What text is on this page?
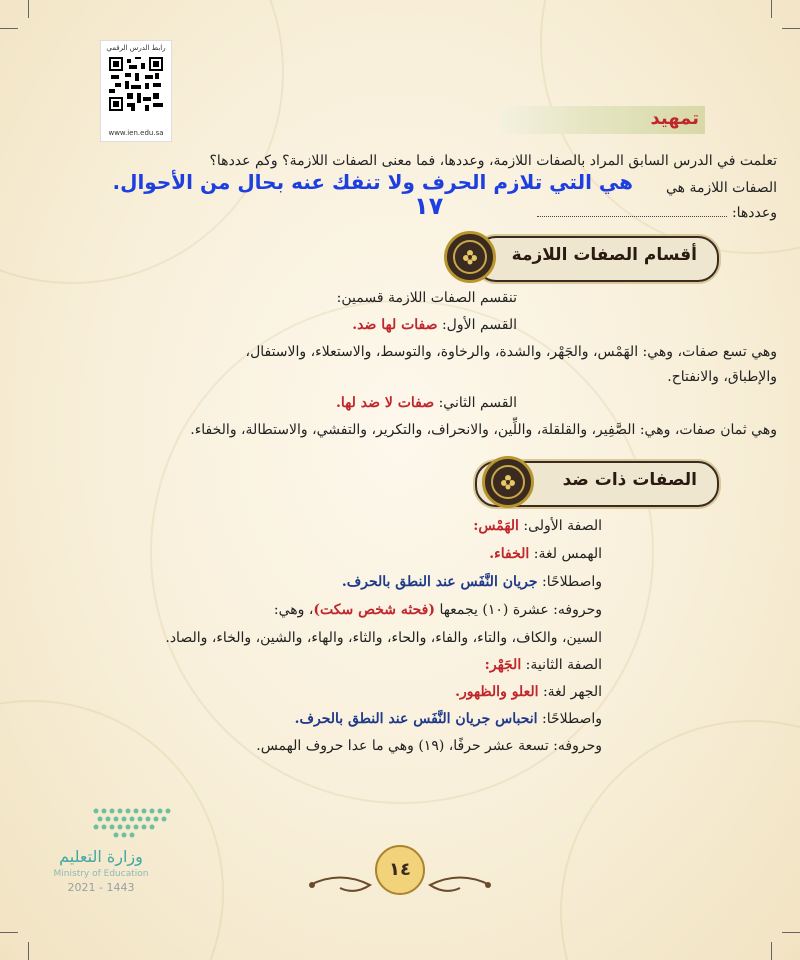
رابط الدرس الرقمي
www.ien.edu.sa
تمهيد
تعلمت في الدرس السابق المراد بالصفات اللازمة، وعددها، فما معنى الصفات اللازمة؟ وكم عددها؟
الصفات اللازمة هي
هي التي تلازم الحرف ولا تنفك عنه بحال من الأحوال.
وعددها:
١٧
أقسام الصفات اللازمة
تنقسم الصفات اللازمة قسمين:
القسم الأول: صفات لها ضد.
وهي تسع صفات، وهي: الهَمْس، والجَهْر، والشدة، والرخاوة، والتوسط، والاستعلاء، والاستفال،
والإطباق، والانفتاح.
القسم الثاني: صفات لا ضد لها.
وهي ثمان صفات، وهي: الصَّفِير، والقلقلة، واللِّين، والانحراف، والتكرير، والتفشي، والاستطالة، والخفاء.
الصفات ذات ضد
الصفة الأولى: الهَمْس:
الهمس لغة: الخفاء.
واصطلاحًا: جريان النَّفَس عند النطق بالحرف.
وحروفه: عشرة (١٠) يجمعها (فحثه شخص سكت)، وهي:
السين، والكاف، والتاء، والفاء، والحاء، والثاء، والهاء، والشين، والخاء، والصاد.
الصفة الثانية: الجَهْر:
الجهر لغة: العلو والظهور.
واصطلاحًا: انحباس جريان النَّفَس عند النطق بالحرف.
وحروفه: تسعة عشر حرفًا، (١٩) وهي ما عدا حروف الهمس.
وزارة التعليم
Ministry of Education
2021 - 1443
١٤
